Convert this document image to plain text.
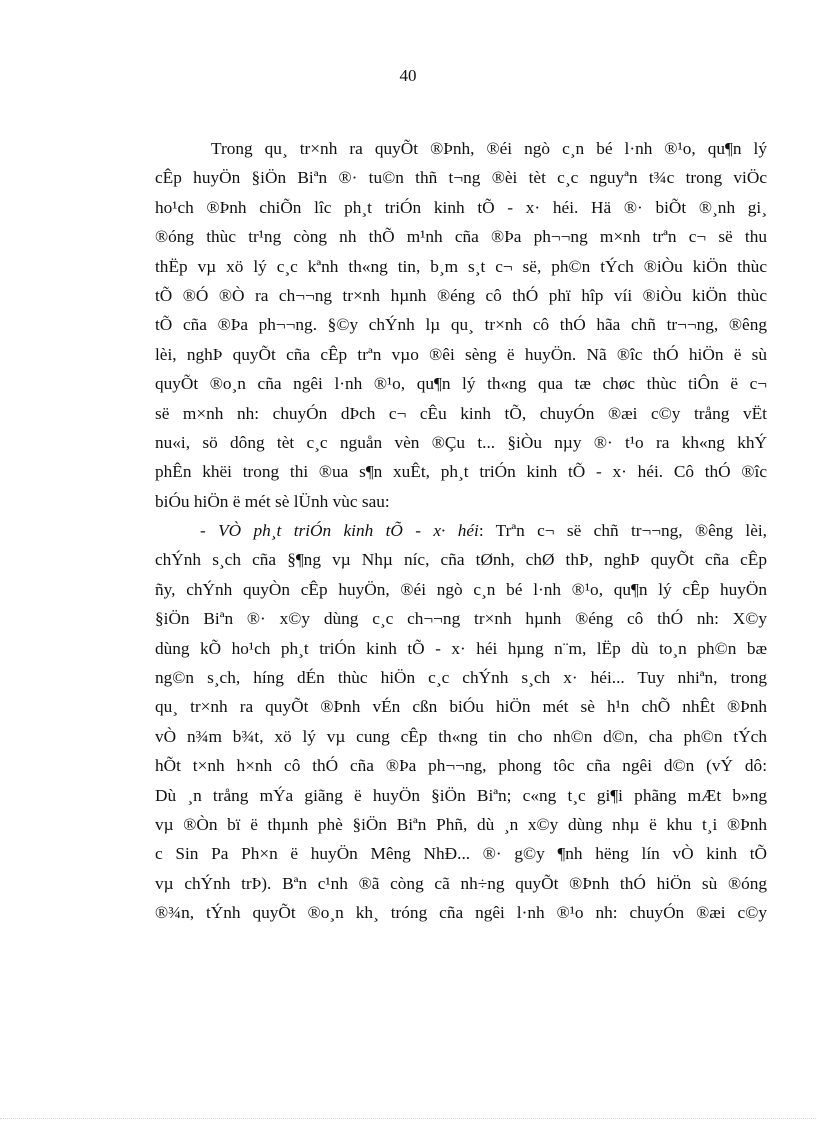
40
Trong qu¸ tr×nh ra quyÕt ®Þnh, ®éi ngò c¸n bé l·nh ®¹o, qu¶n lý
cÊp huyÖn §iÖn Biªn ®· tu©n thñ t¬ng ®èi tèt c¸c nguyªn t¾c trong viÖc
ho¹ch ®Þnh chiÕn lîc ph¸t triÓn kinh tÕ - x· héi. Hä ®· biÕt ®¸nh gi¸
®óng thùc tr¹ng còng nh thÕ m¹nh cña ®Þa ph¬¬ng m×nh trªn c¬ së thu
thËp vµ xö lý c¸c kªnh th«ng tin, b¸m s¸t c¬ së, ph©n tÝch ®iÒu kiÖn thùc
tÕ ®Ó ®Ò ra ch¬¬ng tr×nh hµnh ®éng cô thÓ phï hîp víi ®iÒu kiÖn thùc
tÕ cña ®Þa ph¬¬ng. §©y chÝnh lµ qu¸ tr×nh cô thÓ hãa chñ tr¬¬ng, ®êng
lèi, nghÞ quyÕt cña cÊp trªn vµo ®êi sèng ë huyÖn. Nã ®îc thÓ hiÖn ë sù
quyÕt ®o¸n cña ngêi l·nh ®¹o, qu¶n lý th«ng qua tæ chøc thùc tiÔn ë c¬
së m×nh nh: chuyÓn dÞch c¬ cÊu kinh tÕ, chuyÓn ®æi c©y trång vËt
nu«i, sö dông tèt c¸c nguån vèn ®Çu t... §iÒu nµy ®· t¹o ra kh«ng khÝ
phÊn khëi trong thi ®ua s¶n xuÊt, ph¸t triÓn kinh tÕ - x· héi. Cô thÓ ®îc
biÓu hiÖn ë mét sè lÜnh vùc sau:
- VÒ ph¸t triÓn kinh tÕ - x· héi: Trªn c¬ së chñ tr¬¬ng, ®êng lèi,
chÝnh s¸ch cña §¶ng vµ Nhµ níc, cña tØnh, chØ thÞ, nghÞ quyÕt cña cÊp
ñy, chÝnh quyÒn cÊp huyÖn, ®éi ngò c¸n bé l·nh ®¹o, qu¶n lý cÊp huyÖn
§iÖn Biªn ®· x©y dùng c¸c ch¬¬ng tr×nh hµnh ®éng cô thÓ nh: X©y
dùng kÕ ho¹ch ph¸t triÓn kinh tÕ - x· héi hµng n¨m, lËp dù to¸n ph©n bæ
ng©n s¸ch, híng dÉn thùc hiÖn c¸c chÝnh s¸ch x· héi... Tuy nhiªn, trong
qu¸ tr×nh ra quyÕt ®Þnh vÉn cßn biÓu hiÖn mét sè h¹n chÕ nhÊt ®Þnh
vÒ n¾m b¾t, xö lý vµ cung cÊp th«ng tin cho nh©n d©n, cha ph©n tÝch
hÕt t×nh h×nh cô thÓ cña ®Þa ph¬¬ng, phong tôc cña ngêi d©n (vÝ dô:
Dù ¸n trång mÝa giãng ë huyÖn §iÖn Biªn; c«ng t¸c gi¶i phãng mÆt b»ng
vµ ®Òn bï ë thµnh phè §iÖn Biªn Phñ, dù ¸n x©y dùng nhµ ë khu t¸i ®Þnh
c Sin Pa Ph×n ë huyÖn Mêng NhÐ... ®· g©y ¶nh hëng lín vÒ kinh tÕ
vµ chÝnh trÞ). Bªn c¹nh ®ã còng cã nh÷ng quyÕt ®Þnh thÓ hiÖn sù ®óng
®¾n, tÝnh quyÕt ®o¸n kh¸ tróng cña ngêi l·nh ®¹o nh: chuyÓn ®æi c©y
